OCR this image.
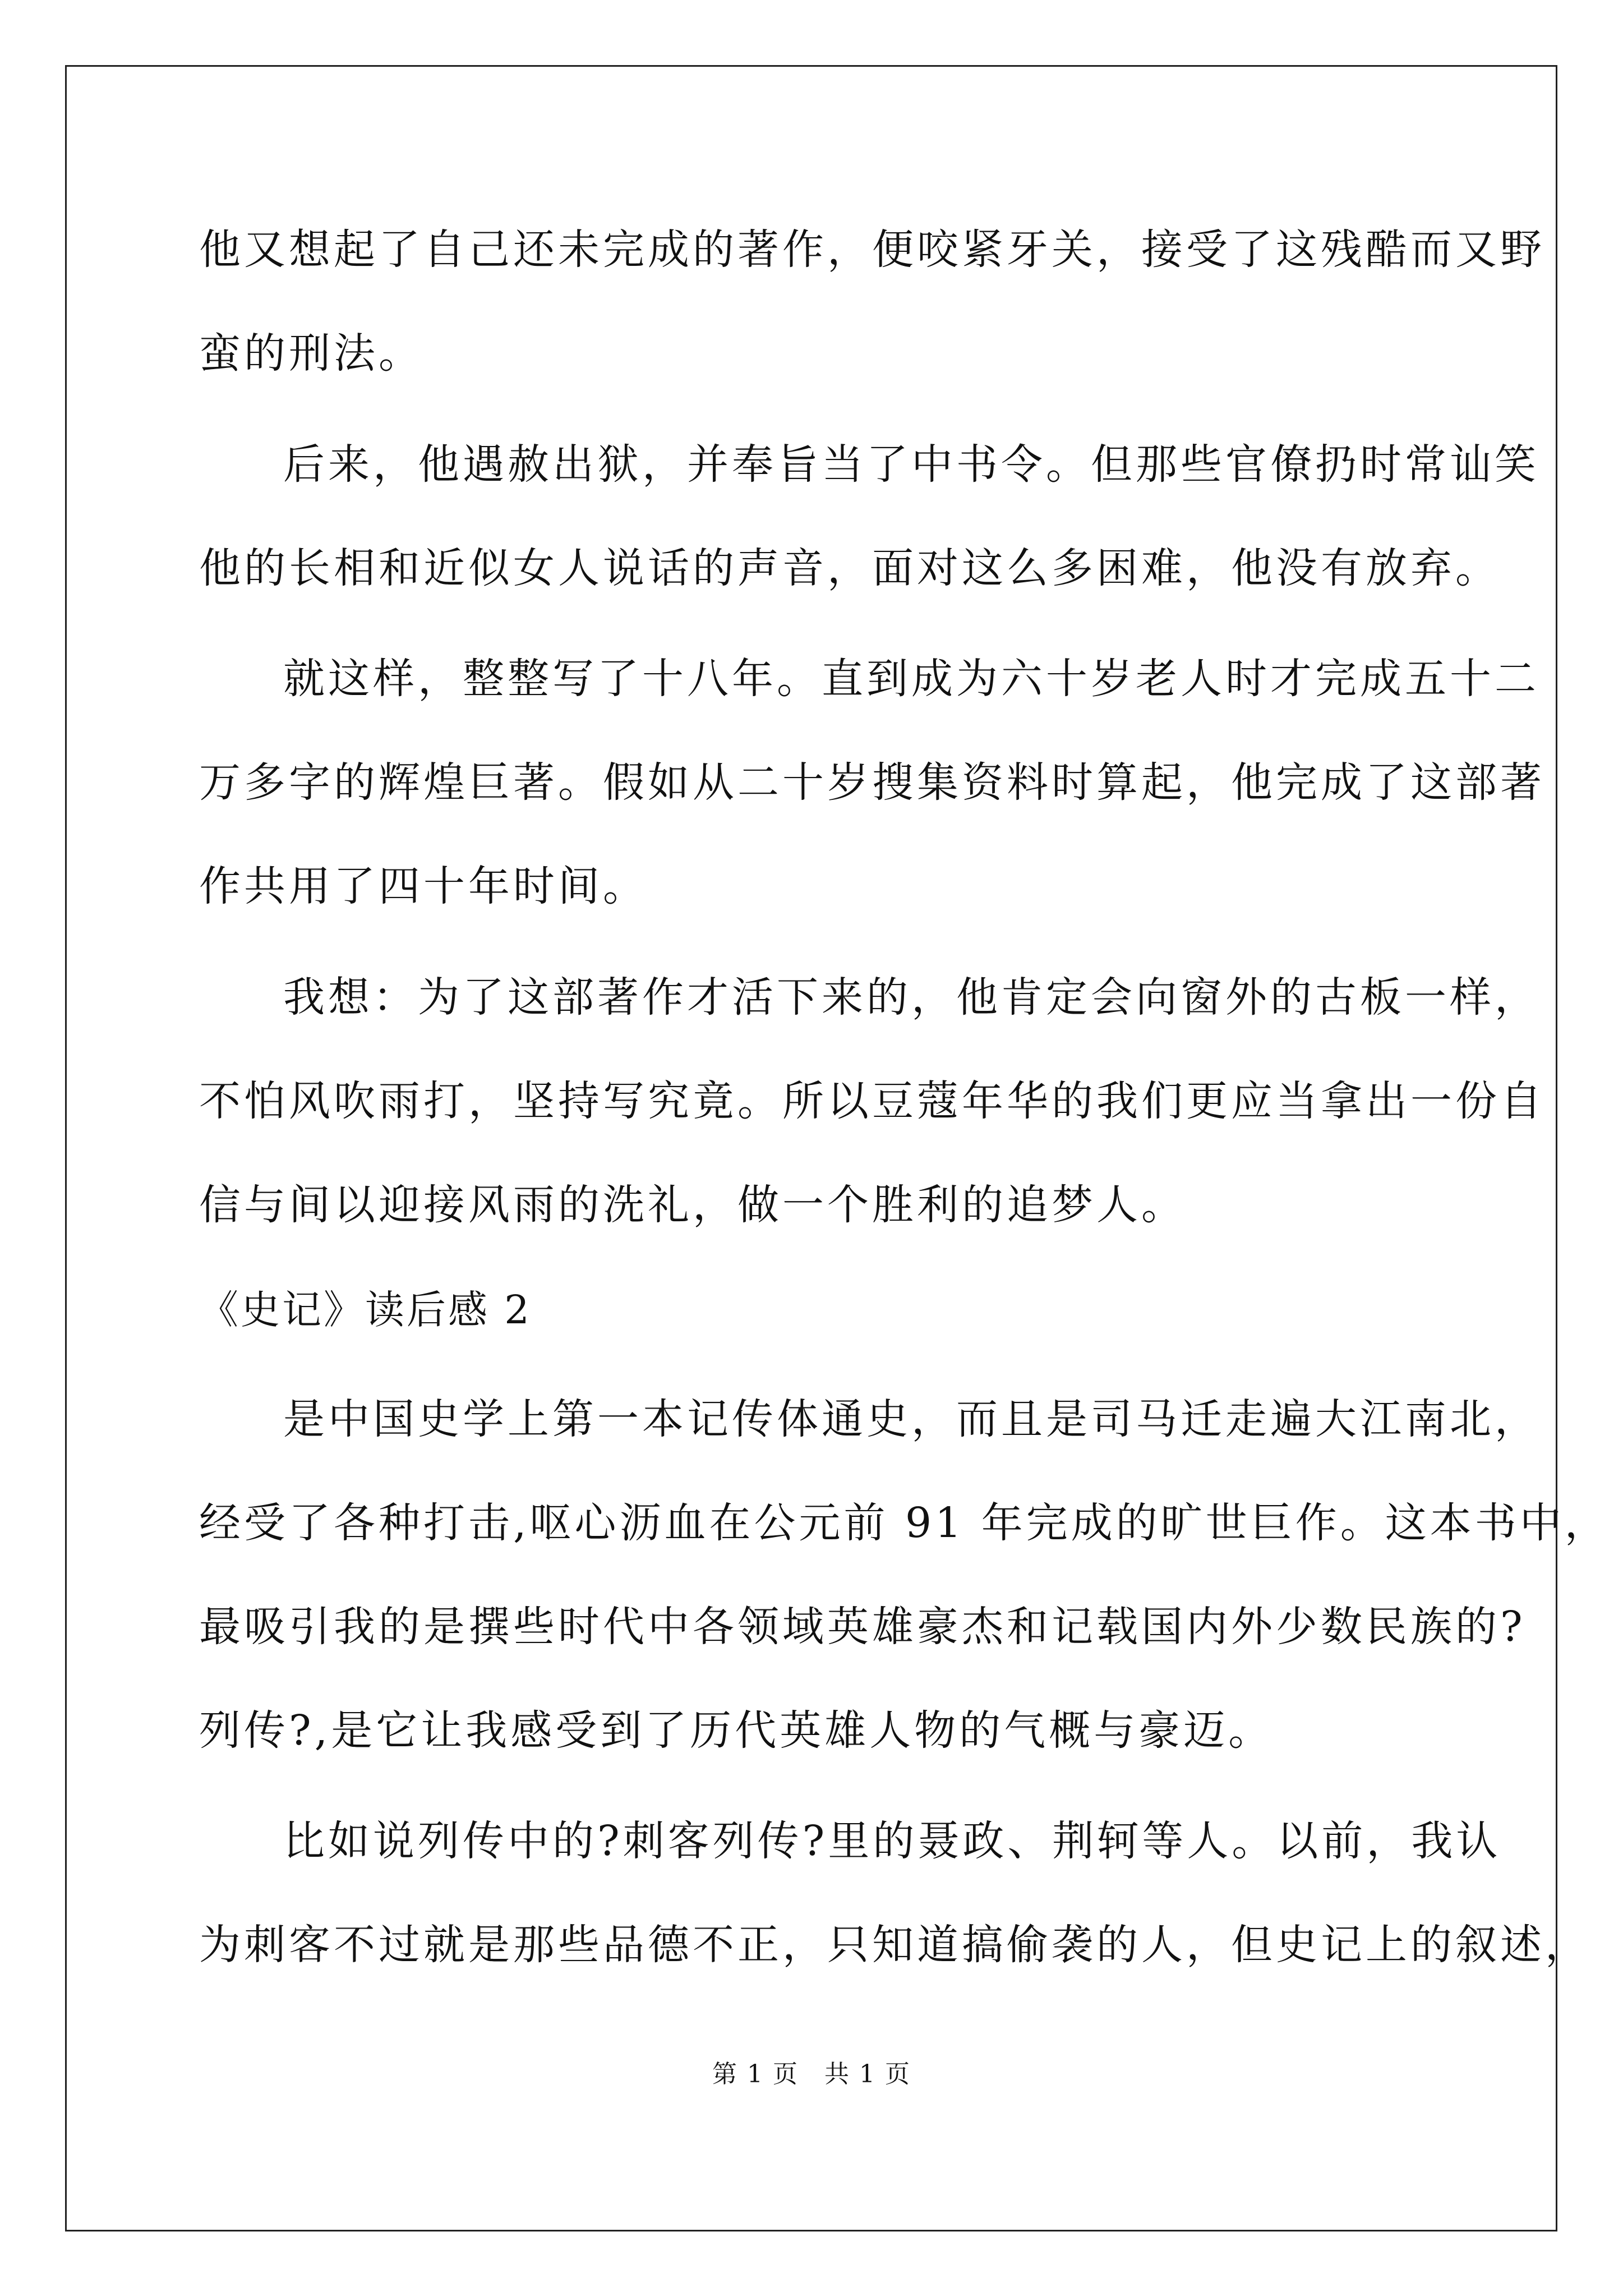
他又想起了自己还未完成的著作，便咬紧牙关，接受了这残酷而又野
蛮的刑法。
后来，他遇赦出狱，并奉旨当了中书令。但那些官僚扔时常讪笑
他的长相和近似女人说话的声音，面对这么多困难，他没有放弃。
就这样，整整写了十八年。直到成为六十岁老人时才完成五十二
万多字的辉煌巨著。假如从二十岁搜集资料时算起，他完成了这部著
作共用了四十年时间。
我想：为了这部著作才活下来的，他肯定会向窗外的古板一样，
不怕风吹雨打，坚持写究竟。所以豆蔻年华的我们更应当拿出一份自
信与间以迎接风雨的洗礼，做一个胜利的追梦人。
《史记》读后感 2
是中国史学上第一本记传体通史，而且是司马迁走遍大江南北，
经受了各种打击,呕心沥血在公元前 91 年完成的旷世巨作。这本书中，
最吸引我的是撰些时代中各领域英雄豪杰和记载国内外少数民族的?
列传?,是它让我感受到了历代英雄人物的气概与豪迈。
比如说列传中的?刺客列传?里的聂政、荆轲等人。以前，我认
为刺客不过就是那些品德不正，只知道搞偷袭的人，但史记上的叙述，
第 1 页　共 1 页
